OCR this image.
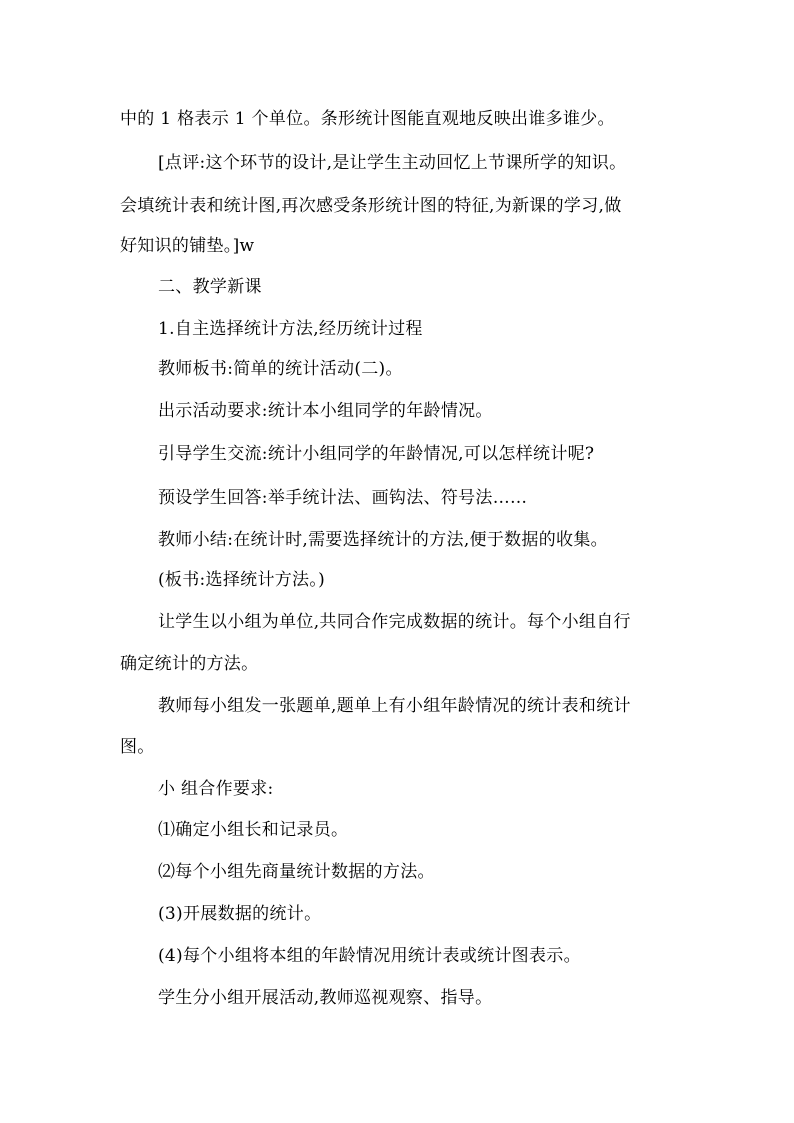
中的 1 格表示 1 个单位。条形统计图能直观地反映出谁多谁少。
[点评:这个环节的设计,是让学生主动回忆上节课所学的知识。
会填统计表和统计图,再次感受条形统计图的特征,为新课的学习,做
好知识的铺垫。]w
二、教学新课
1.自主选择统计方法,经历统计过程
教师板书:简单的统计活动(二)。
出示活动要求:统计本小组同学的年龄情况。
引导学生交流:统计小组同学的年龄情况,可以怎样统计呢?
预设学生回答:举手统计法、画钩法、符号法……
教师小结:在统计时,需要选择统计的方法,便于数据的收集。
(板书:选择统计方法。)
让学生以小组为单位,共同合作完成数据的统计。每个小组自行
确定统计的方法。
教师每小组发一张题单,题单上有小组年龄情况的统计表和统计
图。
小 组合作要求:
⑴确定小组长和记录员。
⑵每个小组先商量统计数据的方法。
(3)开展数据的统计。
(4)每个小组将本组的年龄情况用统计表或统计图表示。
学生分小组开展活动,教师巡视观察、指导。
